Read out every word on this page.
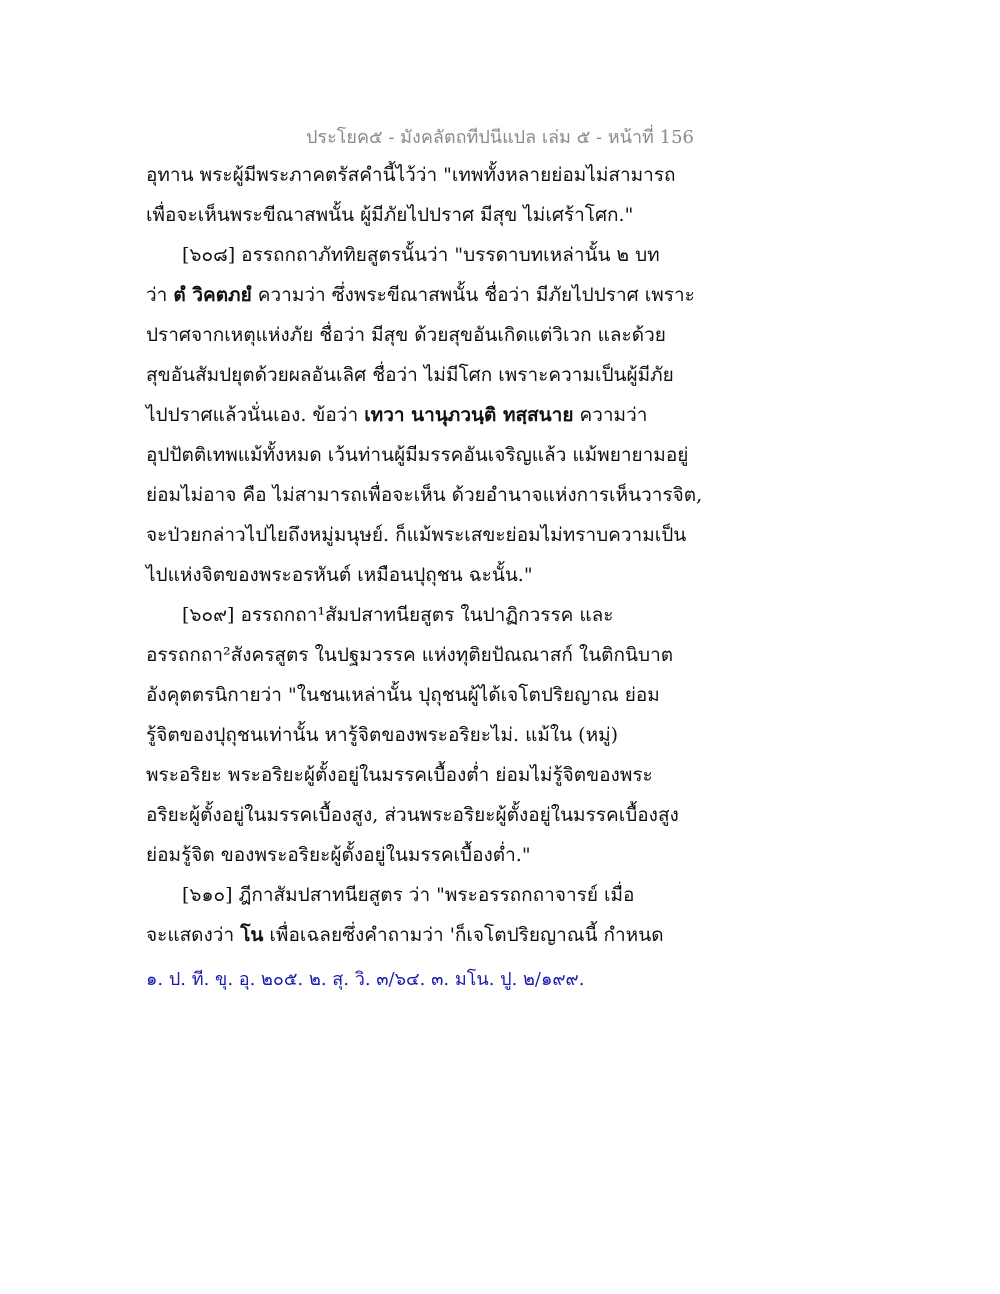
ประโยค๕ - มังคลัตถทีปนีแปล เล่ม ๕ - หน้าที่ 156
อุทาน พระผู้มีพระภาคตรัสคำนี้ไว้ว่า "เทพทั้งหลายย่อมไม่สามารถ
เพื่อจะเห็นพระขีณาสพนั้น ผู้มีภัยไปปราศ มีสุข ไม่เศร้าโศก."
[๖๐๘] อรรถกถาภัททิยสูตรนั้นว่า "บรรดาบทเหล่านั้น ๒ บท
ว่า ตํ วิคตภยํ ความว่า ซึ่งพระขีณาสพนั้น ชื่อว่า มีภัยไปปราศ เพราะ
ปราศจากเหตุแห่งภัย ชื่อว่า มีสุข ด้วยสุขอันเกิดแต่วิเวก และด้วย
สุขอันสัมปยุตด้วยผลอันเลิศ ชื่อว่า ไม่มีโศก เพราะความเป็นผู้มีภัย
ไปปราศแล้วนั่นเอง. ข้อว่า เทวา นานุภวนฺติ ทสฺสนาย ความว่า
อุปปัตติเทพแม้ทั้งหมด เว้นท่านผู้มีมรรคอันเจริญแล้ว แม้พยายามอยู่
ย่อมไม่อาจ คือ ไม่สามารถเพื่อจะเห็น ด้วยอำนาจแห่งการเห็นวารจิต,
จะป่วยกล่าวไปไยถึงหมู่มนุษย์. ก็แม้พระเสขะย่อมไม่ทราบความเป็น
ไปแห่งจิตของพระอรหันต์ เหมือนปุถุชน ฉะนั้น."
[๖๐๙] อรรถกถา¹สัมปสาทนียสูตร ในปาฏิกวรรค และ
อรรถกถา²สังครสูตร ในปฐมวรรค แห่งทุติยปัณณาสก์ ในติกนิบาต
อังคุตตรนิกายว่า "ในชนเหล่านั้น ปุถุชนผู้ได้เจโตปริยญาณ ย่อม
รู้จิตของปุถุชนเท่านั้น หารู้จิตของพระอริยะไม่. แม้ใน (หมู่)
พระอริยะ พระอริยะผู้ตั้งอยู่ในมรรคเบื้องต่ำ ย่อมไม่รู้จิตของพระ
อริยะผู้ตั้งอยู่ในมรรคเบื้องสูง, ส่วนพระอริยะผู้ตั้งอยู่ในมรรคเบื้องสูง
ย่อมรู้จิต ของพระอริยะผู้ตั้งอยู่ในมรรคเบื้องต่ำ."
[๖๑๐] ฎีกาสัมปสาทนียสูตร ว่า "พระอรรถกถาจารย์ เมื่อ
จะแสดงว่า โน เพื่อเฉลยซึ่งคำถามว่า 'ก็เจโตปริยญาณนี้ กำหนด
๑. ป. ที. ขุ. อุ. ๒๐๕. ๒. สุ. วิ. ๓/๖๔. ๓. มโน. ปู. ๒/๑๙๙.
